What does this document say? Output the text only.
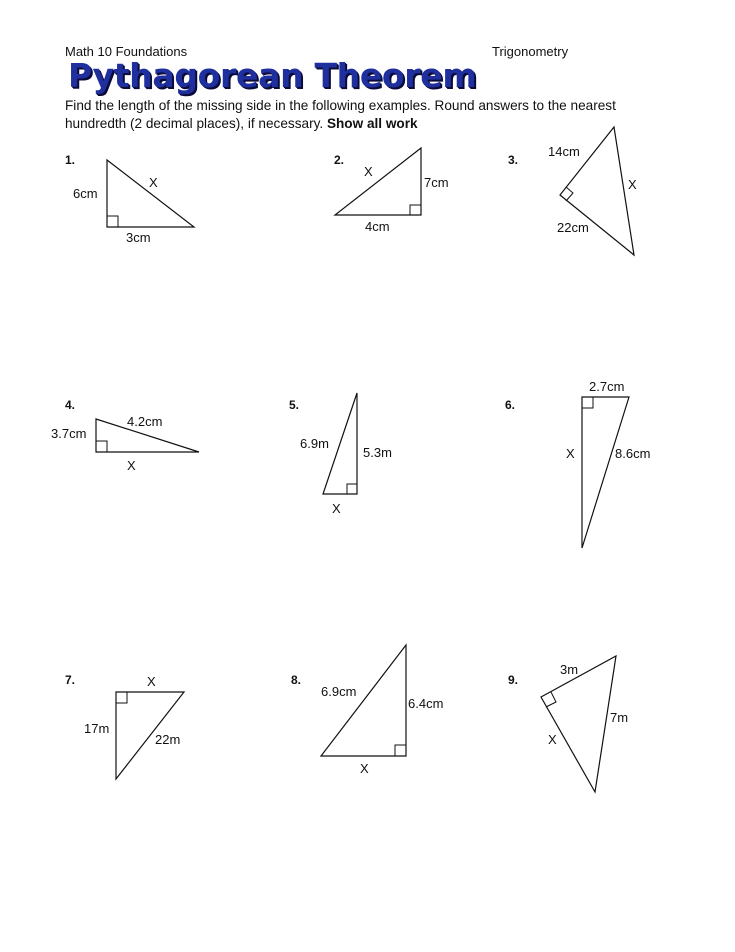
Math 10 Foundations	Trigonometry
Pythagorean Theorem
Find the length of the missing side in the following examples. Round answers to the nearest hundredth (2 decimal places), if necessary. Show all work
1.
6cm
X
3cm
2.
X
7cm
4cm
3.
14cm
X
22cm
4.
3.7cm
4.2cm
X
5.
6.9m
5.3m
X
6.
2.7cm
X	8.6cm
7.	X
17m
22m
8.
6.9cm
6.4cm
X
9.
3m
7m
X
